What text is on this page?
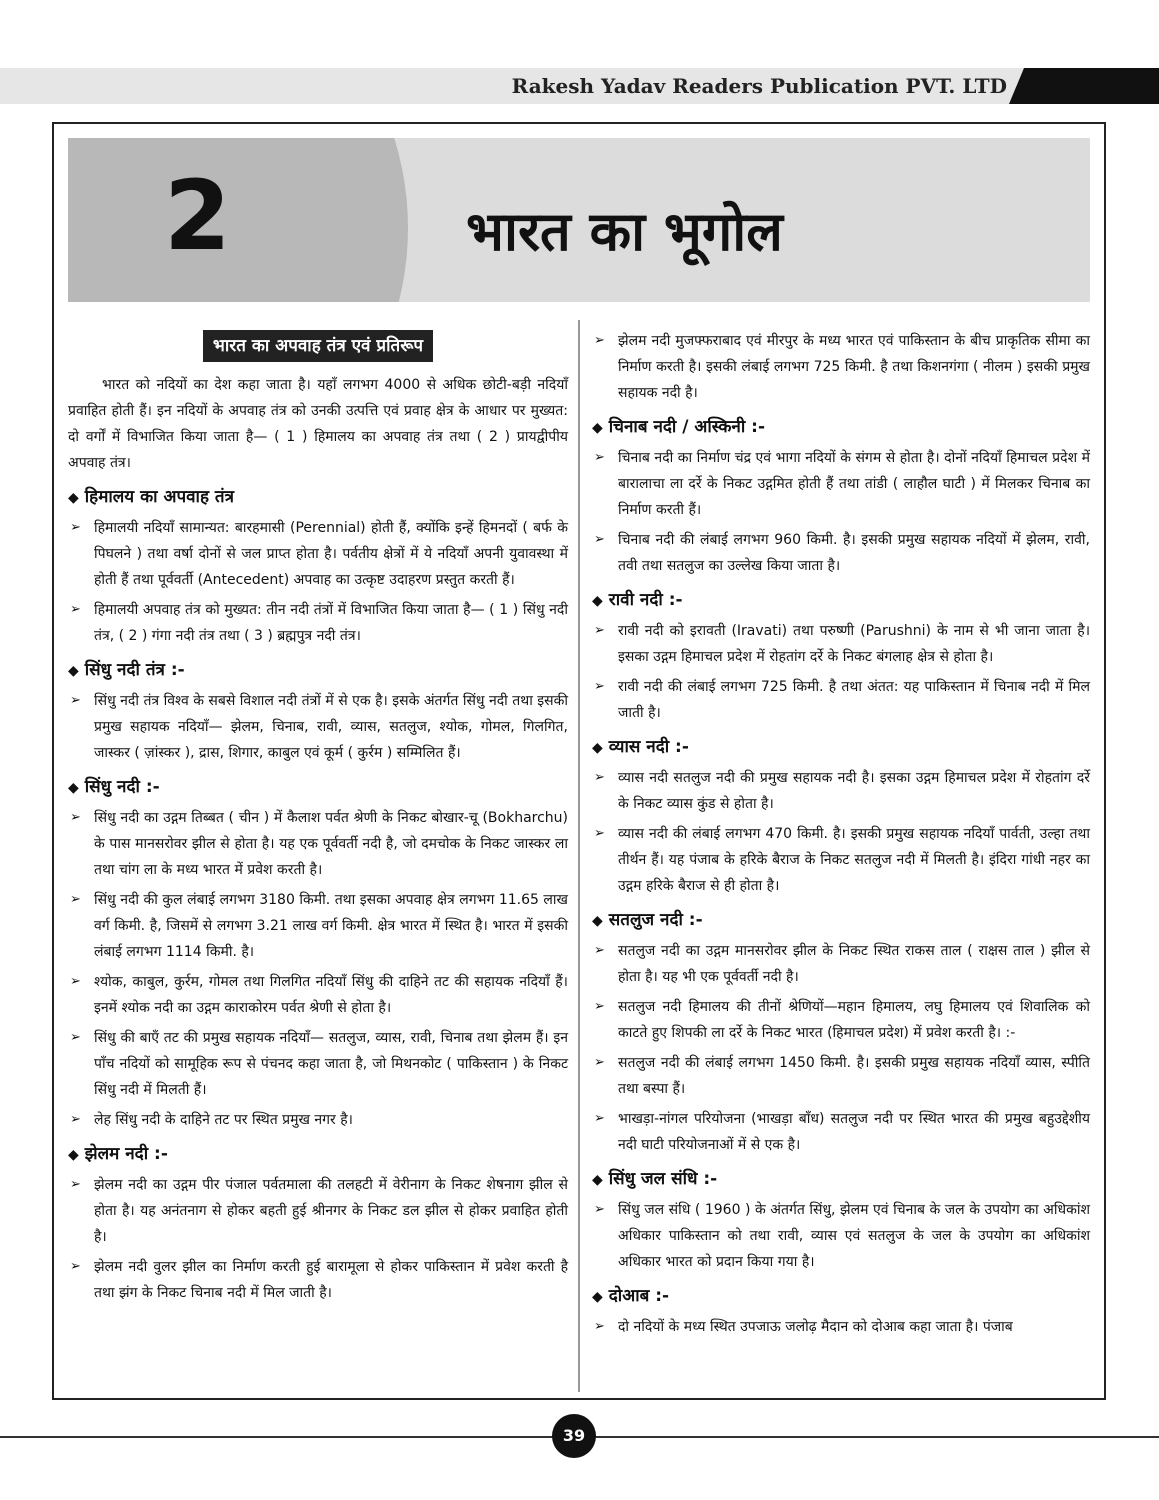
Rakesh Yadav Readers Publication PVT. LTD
2	भारत का भूगोल
भारत का अपवाह तंत्र एवं प्रतिरूप

भारत को नदियों का देश कहा जाता है। यहाँ लगभग 4000 से अधिक छोटी-बड़ी नदियाँ प्रवाहित होती हैं। इन नदियों के अपवाह तंत्र को उनकी उत्पत्ति एवं प्रवाह क्षेत्र के आधार पर मुख्यत: दो वर्गों में विभाजित किया जाता है— ( 1 ) हिमालय का अपवाह तंत्र तथा ( 2 ) प्रायद्वीपीय अपवाह तंत्र।

◆ हिमालय का अपवाह तंत्र
➢ हिमालयी नदियाँ सामान्यत: बारहमासी (Perennial) होती हैं, क्योंकि इन्हें हिमनदों ( बर्फ के पिघलने ) तथा वर्षा दोनों से जल प्राप्त होता है। पर्वतीय क्षेत्रों में ये नदियाँ अपनी युवावस्था में होती हैं तथा पूर्ववर्ती (Antecedent) अपवाह का उत्कृष्ट उदाहरण प्रस्तुत करती हैं।
➢ हिमालयी अपवाह तंत्र को मुख्यत: तीन नदी तंत्रों में विभाजित किया जाता है— ( 1 ) सिंधु नदी तंत्र, ( 2 ) गंगा नदी तंत्र तथा ( 3 ) ब्रह्मपुत्र नदी तंत्र।
◆ सिंधु नदी तंत्र :-
➢ सिंधु नदी तंत्र विश्व के सबसे विशाल नदी तंत्रों में से एक है। इसके अंतर्गत सिंधु नदी तथा इसकी प्रमुख सहायक नदियाँ— झेलम, चिनाब, रावी, व्यास, सतलुज, श्योक, गोमल, गिलगित, जास्कर ( ज़ांस्कर ), द्रास, शिगार, काबुल एवं कूर्म ( कुर्रम ) सम्मिलित हैं।
◆ सिंधु नदी :-
➢ सिंधु नदी का उद्गम तिब्बत ( चीन ) में कैलाश पर्वत श्रेणी के निकट बोखार-चू (Bokharchu) के पास मानसरोवर झील से होता है। यह एक पूर्ववर्ती नदी है, जो दमचोक के निकट जास्कर ला तथा चांग ला के मध्य भारत में प्रवेश करती है।
➢ सिंधु नदी की कुल लंबाई लगभग 3180 किमी. तथा इसका अपवाह क्षेत्र लगभग 11.65 लाख वर्ग किमी. है, जिसमें से लगभग 3.21 लाख वर्ग किमी. क्षेत्र भारत में स्थित है। भारत में इसकी लंबाई लगभग 1114 किमी. है।
➢ श्योक, काबुल, कुर्रम, गोमल तथा गिलगित नदियाँ सिंधु की दाहिने तट की सहायक नदियाँ हैं। इनमें श्योक नदी का उद्गम काराकोरम पर्वत श्रेणी से होता है।
➢ सिंधु की बाएँ तट की प्रमुख सहायक नदियाँ— सतलुज, व्यास, रावी, चिनाब तथा झेलम हैं। इन पाँच नदियों को सामूहिक रूप से पंचनद कहा जाता है, जो मिथनकोट ( पाकिस्तान ) के निकट सिंधु नदी में मिलती हैं।
➢ लेह सिंधु नदी के दाहिने तट पर स्थित प्रमुख नगर है।
◆ झेलम नदी :-
➢ झेलम नदी का उद्गम पीर पंजाल पर्वतमाला की तलहटी में वेरीनाग के निकट शेषनाग झील से होता है। यह अनंतनाग से होकर बहती हुई श्रीनगर के निकट डल झील से होकर प्रवाहित होती है।
➢ झेलम नदी वुलर झील का निर्माण करती हुई बारामूला से होकर पाकिस्तान में प्रवेश करती है तथा झंग के निकट चिनाब नदी में मिल जाती है।
➢ झेलम नदी मुजफ्फराबाद एवं मीरपुर के मध्य भारत एवं पाकिस्तान के बीच प्राकृतिक सीमा का निर्माण करती है। इसकी लंबाई लगभग 725 किमी. है तथा किशनगंगा ( नीलम ) इसकी प्रमुख सहायक नदी है।
◆ चिनाब नदी / अस्किनी :-
➢ चिनाब नदी का निर्माण चंद्र एवं भागा नदियों के संगम से होता है। दोनों नदियाँ हिमाचल प्रदेश में बारालाचा ला दर्रे के निकट उद्गमित होती हैं तथा तांडी ( लाहौल घाटी ) में मिलकर चिनाब का निर्माण करती हैं।
➢ चिनाब नदी की लंबाई लगभग 960 किमी. है। इसकी प्रमुख सहायक नदियों में झेलम, रावी, तवी तथा सतलुज का उल्लेख किया जाता है।
◆ रावी नदी :-
➢ रावी नदी को इरावती (Iravati) तथा परुष्णी (Parushni) के नाम से भी जाना जाता है। इसका उद्गम हिमाचल प्रदेश में रोहतांग दर्रे के निकट बंगलाह क्षेत्र से होता है।
➢ रावी नदी की लंबाई लगभग 725 किमी. है तथा अंतत: यह पाकिस्तान में चिनाब नदी में मिल जाती है।
◆ व्यास नदी :-
➢ व्यास नदी सतलुज नदी की प्रमुख सहायक नदी है। इसका उद्गम हिमाचल प्रदेश में रोहतांग दर्रे के निकट व्यास कुंड से होता है।
➢ व्यास नदी की लंबाई लगभग 470 किमी. है। इसकी प्रमुख सहायक नदियाँ पार्वती, उल्हा तथा तीर्थन हैं। यह पंजाब के हरिके बैराज के निकट सतलुज नदी में मिलती है। इंदिरा गांधी नहर का उद्गम हरिके बैराज से ही होता है।
◆ सतलुज नदी :-
➢ सतलुज नदी का उद्गम मानसरोवर झील के निकट स्थित राकस ताल ( राक्षस ताल ) झील से होता है। यह भी एक पूर्ववर्ती नदी है।
➢ सतलुज नदी हिमालय की तीनों श्रेणियों—महान हिमालय, लघु हिमालय एवं शिवालिक को काटते हुए शिपकी ला दर्रे के निकट भारत (हिमाचल प्रदेश) में प्रवेश करती है। :-
➢ सतलुज नदी की लंबाई लगभग 1450 किमी. है। इसकी प्रमुख सहायक नदियाँ व्यास, स्पीति तथा बस्पा हैं।
➢ भाखड़ा-नांगल परियोजना (भाखड़ा बाँध) सतलुज नदी पर स्थित भारत की प्रमुख बहुउद्देशीय नदी घाटी परियोजनाओं में से एक है।
◆ सिंधु जल संधि :-
➢ सिंधु जल संधि ( 1960 ) के अंतर्गत सिंधु, झेलम एवं चिनाब के जल के उपयोग का अधिकांश अधिकार पाकिस्तान को तथा रावी, व्यास एवं सतलुज के जल के उपयोग का अधिकांश अधिकार भारत को प्रदान किया गया है।
◆ दोआब :-
➢ दो नदियों के मध्य स्थित उपजाऊ जलोढ़ मैदान को दोआब कहा जाता है। पंजाब
39
